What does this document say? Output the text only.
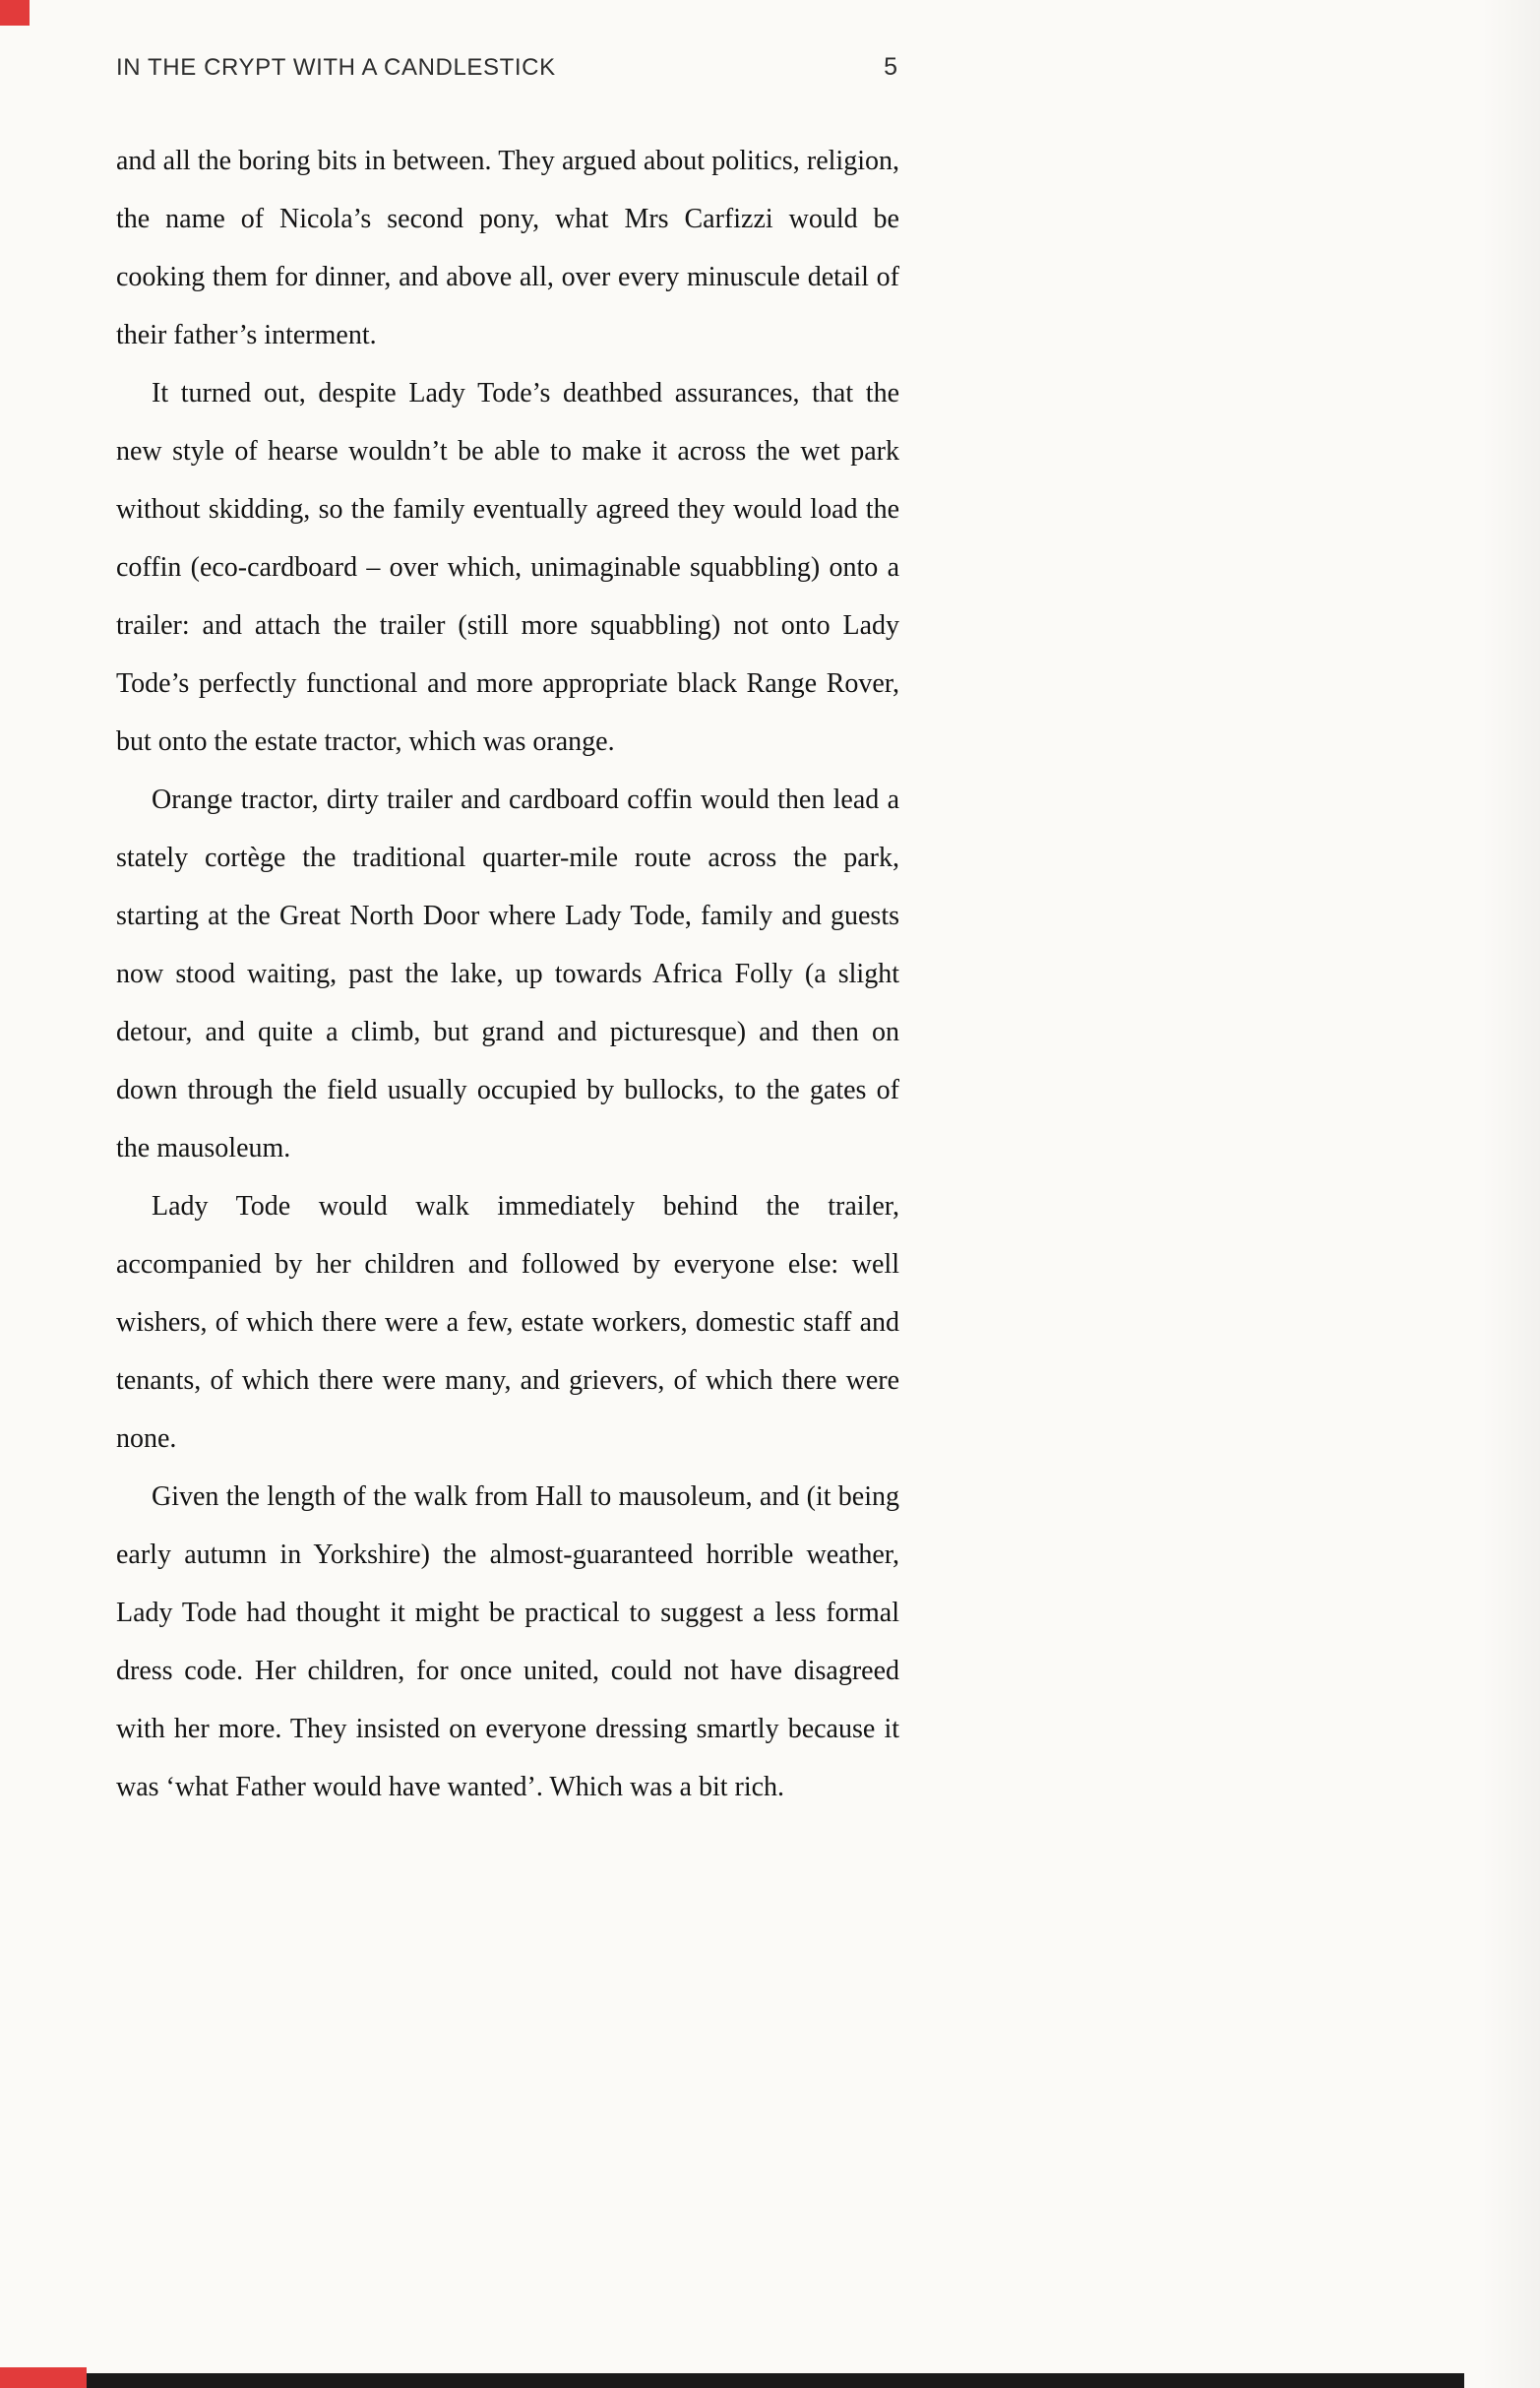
IN THE CRYPT WITH A CANDLESTICK	5

and all the boring bits in between. They argued about politics, religion, the name of Nicola’s second pony, what Mrs Carfizzi would be cooking them for dinner, and above all, over every minuscule detail of their father’s interment.

It turned out, despite Lady Tode’s deathbed assurances, that the new style of hearse wouldn’t be able to make it across the wet park without skidding, so the family eventually agreed they would load the coffin (eco-cardboard – over which, unimaginable squabbling) onto a trailer: and attach the trailer (still more squabbling) not onto Lady Tode’s perfectly functional and more appropriate black Range Rover, but onto the estate tractor, which was orange.

Orange tractor, dirty trailer and cardboard coffin would then lead a stately cortège the traditional quarter-mile route across the park, starting at the Great North Door where Lady Tode, family and guests now stood waiting, past the lake, up towards Africa Folly (a slight detour, and quite a climb, but grand and picturesque) and then on down through the field usually occupied by bullocks, to the gates of the mausoleum.

Lady Tode would walk immediately behind the trailer, accompanied by her children and followed by everyone else: well wishers, of which there were a few, estate workers, domestic staff and tenants, of which there were many, and grievers, of which there were none.

Given the length of the walk from Hall to mausoleum, and (it being early autumn in Yorkshire) the almost-guaranteed horrible weather, Lady Tode had thought it might be practical to suggest a less formal dress code. Her children, for once united, could not have disagreed with her more. They insisted on everyone dressing smartly because it was ‘what Father would have wanted’. Which was a bit rich.
